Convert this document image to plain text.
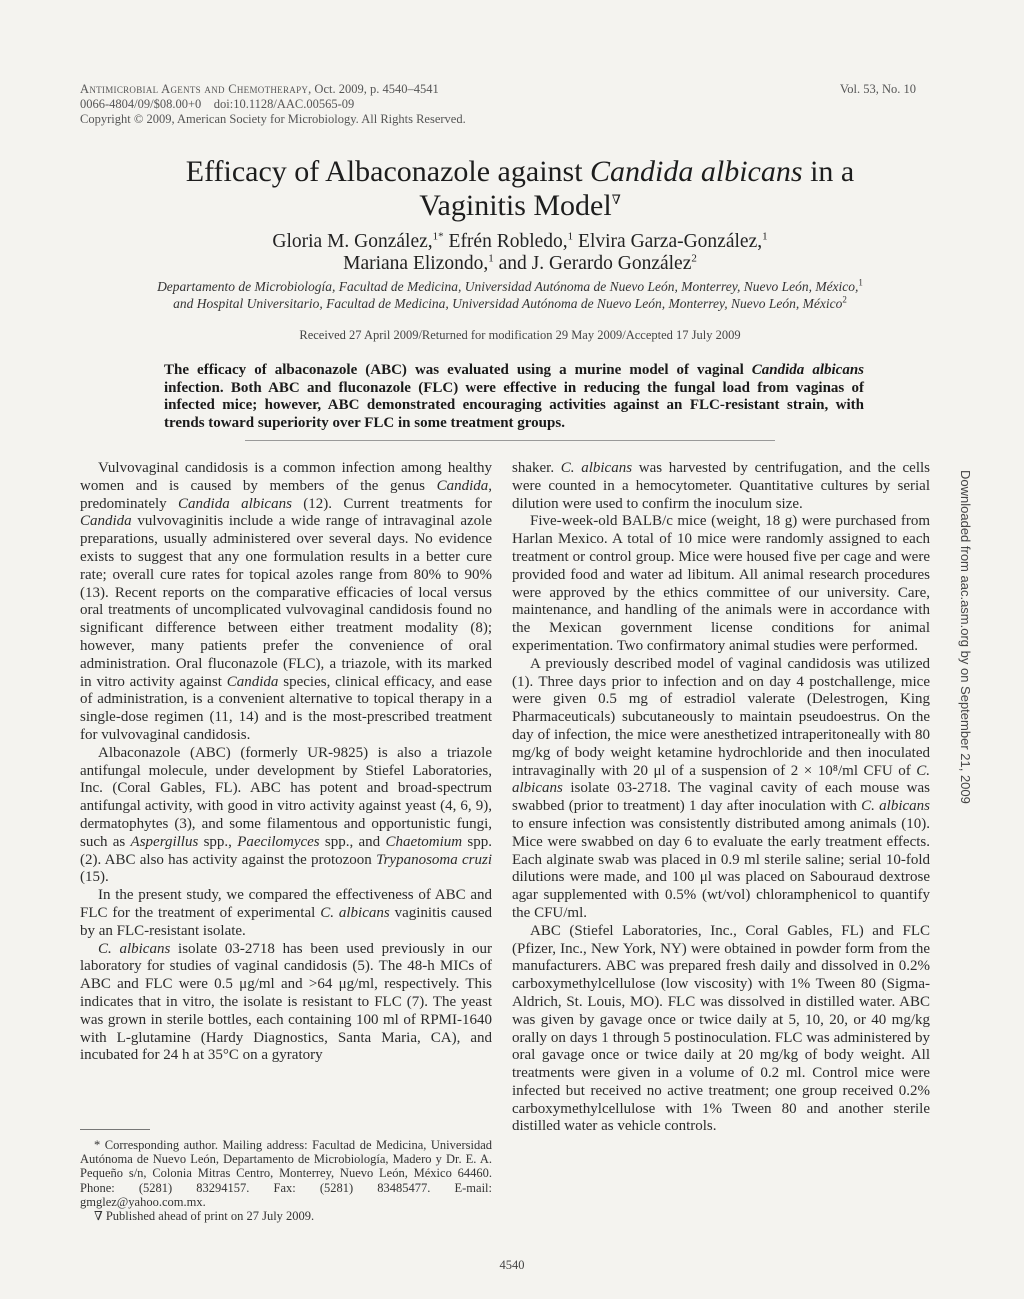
Antimicrobial Agents and Chemotherapy, Oct. 2009, p. 4540–4541
0066-4804/09/$08.00+0    doi:10.1128/AAC.00565-09
Copyright © 2009, American Society for Microbiology. All Rights Reserved.
Vol. 53, No. 10
Efficacy of Albaconazole against Candida albicans in a Vaginitis Model∇
Gloria M. González,$^{1*}$ Efrén Robledo,$^1$ Elvira Garza-González,$^1$
Mariana Elizondo,$^1$ and J. Gerardo González$^2$
Departamento de Microbiología, Facultad de Medicina, Universidad Autónoma de Nuevo León, Monterrey, Nuevo León, México,$^1$
and Hospital Universitario, Facultad de Medicina, Universidad Autónoma de Nuevo León, Monterrey, Nuevo León, México$^2$
Received 27 April 2009/Returned for modification 29 May 2009/Accepted 17 July 2009
The efficacy of albaconazole (ABC) was evaluated using a murine model of vaginal Candida albicans infection. Both ABC and fluconazole (FLC) were effective in reducing the fungal load from vaginas of infected mice; however, ABC demonstrated encouraging activities against an FLC-resistant strain, with trends toward superiority over FLC in some treatment groups.

Vulvovaginal candidosis is a common infection among healthy women and is caused by members of the genus Candida, predominately Candida albicans (12). Current treatments for Candida vulvovaginitis include a wide range of intravaginal azole preparations, usually administered over several days. No evidence exists to suggest that any one formulation results in a better cure rate; overall cure rates for topical azoles range from 80% to 90% (13). Recent reports on the comparative efficacies of local versus oral treatments of uncomplicated vulvovaginal candidosis found no significant difference between either treatment modality (8); however, many patients prefer the convenience of oral administration. Oral fluconazole (FLC), a triazole, with its marked in vitro activity against Candida species, clinical efficacy, and ease of administration, is a convenient alternative to topical therapy in a single-dose regimen (11, 14) and is the most-prescribed treatment for vulvovaginal candidosis.

Albaconazole (ABC) (formerly UR-9825) is also a triazole antifungal molecule, under development by Stiefel Laboratories, Inc. (Coral Gables, FL). ABC has potent and broad-spectrum antifungal activity, with good in vitro activity against yeast (4, 6, 9), dermatophytes (3), and some filamentous and opportunistic fungi, such as Aspergillus spp., Paecilomyces spp., and Chaetomium spp. (2). ABC also has activity against the protozoon Trypanosoma cruzi (15).

In the present study, we compared the effectiveness of ABC and FLC for the treatment of experimental C. albicans vaginitis caused by an FLC-resistant isolate.

C. albicans isolate 03-2718 has been used previously in our laboratory for studies of vaginal candidosis (5). The 48-h MICs of ABC and FLC were 0.5 μg/ml and >64 μg/ml, respectively. This indicates that in vitro, the isolate is resistant to FLC (7). The yeast was grown in sterile bottles, each containing 100 ml of RPMI-1640 with L-glutamine (Hardy Diagnostics, Santa Maria, CA), and incubated for 24 h at 35°C on a gyratory

* Corresponding author. Mailing address: Facultad de Medicina, Universidad Autónoma de Nuevo León, Departamento de Microbiología, Madero y Dr. E. A. Pequeño s/n, Colonia Mitras Centro, Monterrey, Nuevo León, México 64460. Phone: (5281) 83294157. Fax: (5281) 83485477. E-mail: gmglez@yahoo.com.mx.

∇ Published ahead of print on 27 July 2009.

shaker. C. albicans was harvested by centrifugation, and the cells were counted in a hemocytometer. Quantitative cultures by serial dilution were used to confirm the inoculum size.

Five-week-old BALB/c mice (weight, 18 g) were purchased from Harlan Mexico. A total of 10 mice were randomly assigned to each treatment or control group. Mice were housed five per cage and were provided food and water ad libitum. All animal research procedures were approved by the ethics committee of our university. Care, maintenance, and handling of the animals were in accordance with the Mexican government license conditions for animal experimentation. Two confirmatory animal studies were performed.

A previously described model of vaginal candidosis was utilized (1). Three days prior to infection and on day 4 postchallenge, mice were given 0.5 mg of estradiol valerate (Delestrogen, King Pharmaceuticals) subcutaneously to maintain pseudoestrus. On the day of infection, the mice were anesthetized intraperitoneally with 80 mg/kg of body weight ketamine hydrochloride and then inoculated intravaginally with 20 μl of a suspension of 2 × 10⁸/ml CFU of C. albicans isolate 03-2718. The vaginal cavity of each mouse was swabbed (prior to treatment) 1 day after inoculation with C. albicans to ensure infection was consistently distributed among animals (10). Mice were swabbed on day 6 to evaluate the early treatment effects. Each alginate swab was placed in 0.9 ml sterile saline; serial 10-fold dilutions were made, and 100 μl was placed on Sabouraud dextrose agar supplemented with 0.5% (wt/vol) chloramphenicol to quantify the CFU/ml.

ABC (Stiefel Laboratories, Inc., Coral Gables, FL) and FLC (Pfizer, Inc., New York, NY) were obtained in powder form from the manufacturers. ABC was prepared fresh daily and dissolved in 0.2% carboxymethylcellulose (low viscosity) with 1% Tween 80 (Sigma-Aldrich, St. Louis, MO). FLC was dissolved in distilled water. ABC was given by gavage once or twice daily at 5, 10, 20, or 40 mg/kg orally on days 1 through 5 postinoculation. FLC was administered by oral gavage once or twice daily at 20 mg/kg of body weight. All treatments were given in a volume of 0.2 ml. Control mice were infected but received no active treatment; one group received 0.2% carboxymethylcellulose with 1% Tween 80 and another sterile distilled water as vehicle controls.

4540
Downloaded from aac.asm.org by on September 21, 2009
